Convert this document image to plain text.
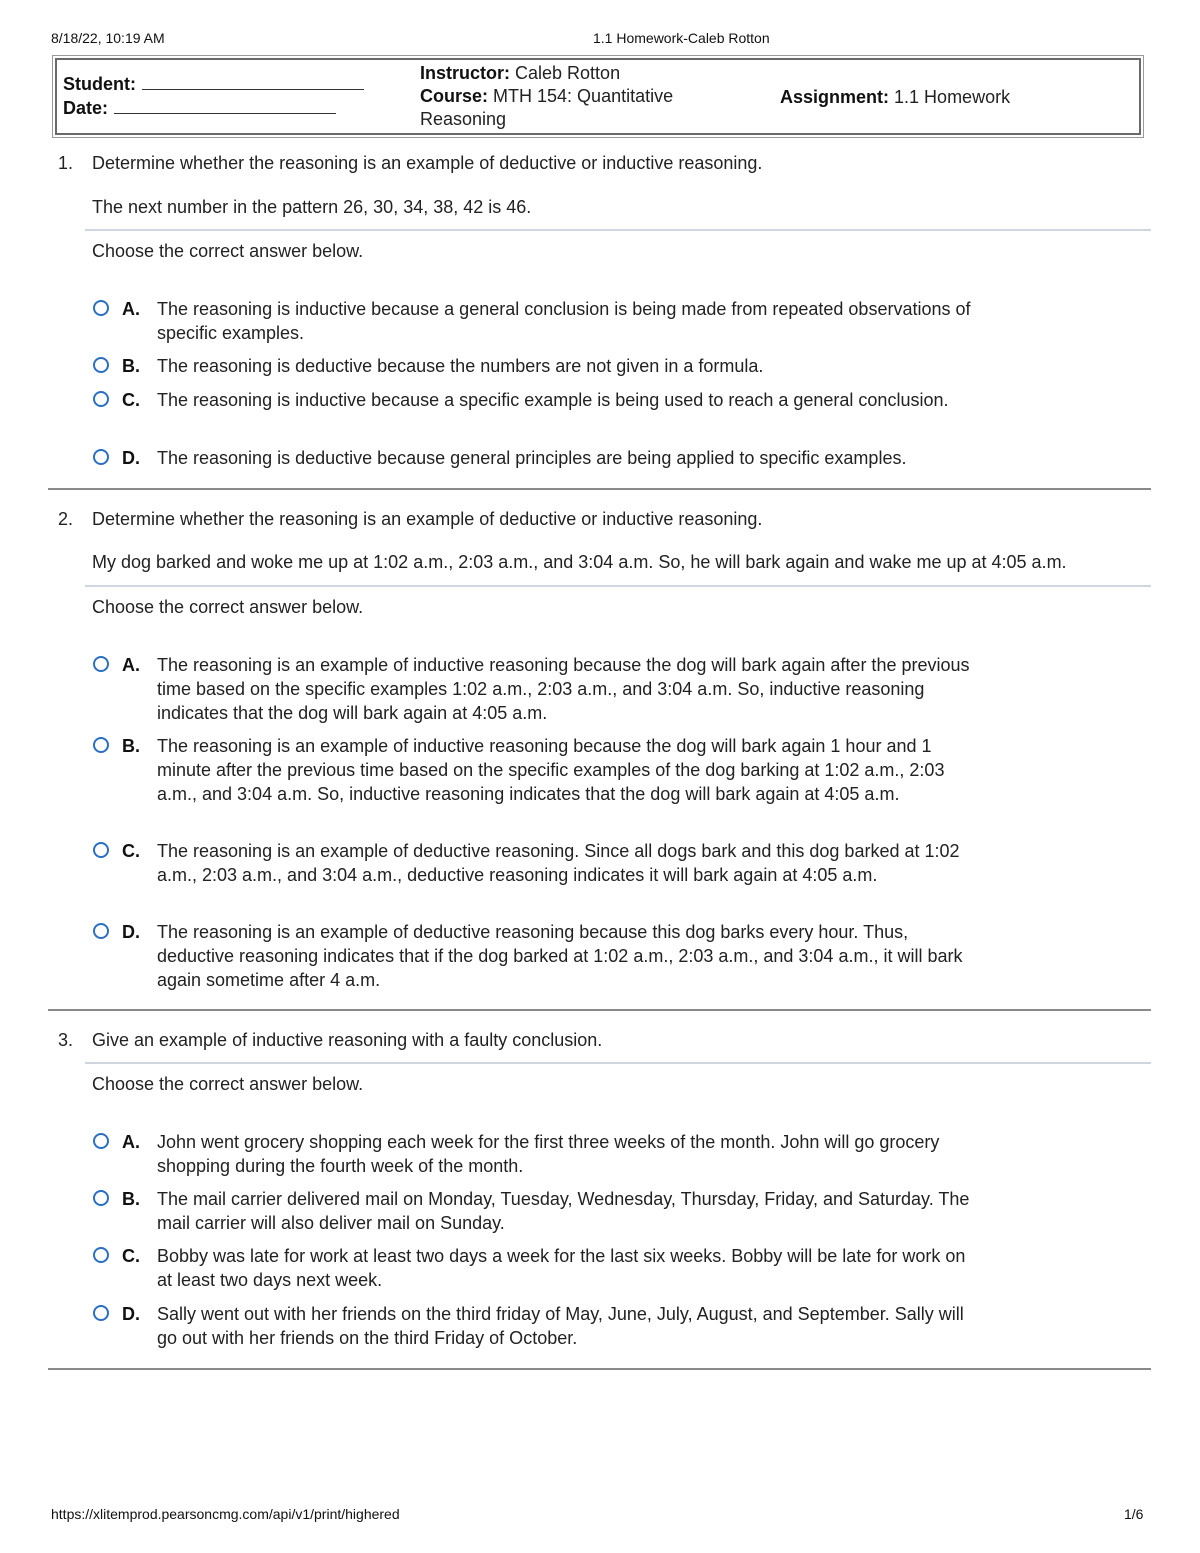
8/18/22, 10:19 AM	1.1 Homework-Caleb Rotton
Student:
Date:
Instructor: Caleb Rotton
Course: MTH 154: Quantitative Reasoning
Assignment: 1.1 Homework
1. Determine whether the reasoning is an example of deductive or inductive reasoning.
The next number in the pattern 26, 30, 34, 38, 42 is 46.
Choose the correct answer below.
A. The reasoning is inductive because a general conclusion is being made from repeated observations of specific examples.
B. The reasoning is deductive because the numbers are not given in a formula.
C. The reasoning is inductive because a specific example is being used to reach a general conclusion.
D. The reasoning is deductive because general principles are being applied to specific examples.
2. Determine whether the reasoning is an example of deductive or inductive reasoning.
My dog barked and woke me up at 1:02 a.m., 2:03 a.m., and 3:04 a.m. So, he will bark again and wake me up at 4:05 a.m.
Choose the correct answer below.
A. The reasoning is an example of inductive reasoning because the dog will bark again after the previous time based on the specific examples 1:02 a.m., 2:03 a.m., and 3:04 a.m. So, inductive reasoning indicates that the dog will bark again at 4:05 a.m.
B. The reasoning is an example of inductive reasoning because the dog will bark again 1 hour and 1 minute after the previous time based on the specific examples of the dog barking at 1:02 a.m., 2:03 a.m., and 3:04 a.m. So, inductive reasoning indicates that the dog will bark again at 4:05 a.m.
C. The reasoning is an example of deductive reasoning. Since all dogs bark and this dog barked at 1:02 a.m., 2:03 a.m., and 3:04 a.m., deductive reasoning indicates it will bark again at 4:05 a.m.
D. The reasoning is an example of deductive reasoning because this dog barks every hour. Thus, deductive reasoning indicates that if the dog barked at 1:02 a.m., 2:03 a.m., and 3:04 a.m., it will bark again sometime after 4 a.m.
3. Give an example of inductive reasoning with a faulty conclusion.
Choose the correct answer below.
A. John went grocery shopping each week for the first three weeks of the month. John will go grocery shopping during the fourth week of the month.
B. The mail carrier delivered mail on Monday, Tuesday, Wednesday, Thursday, Friday, and Saturday. The mail carrier will also deliver mail on Sunday.
C. Bobby was late for work at least two days a week for the last six weeks. Bobby will be late for work on at least two days next week.
D. Sally went out with her friends on the third friday of May, June, July, August, and September. Sally will go out with her friends on the third Friday of October.
https://xlitemprod.pearsoncmg.com/api/v1/print/highered	1/6
